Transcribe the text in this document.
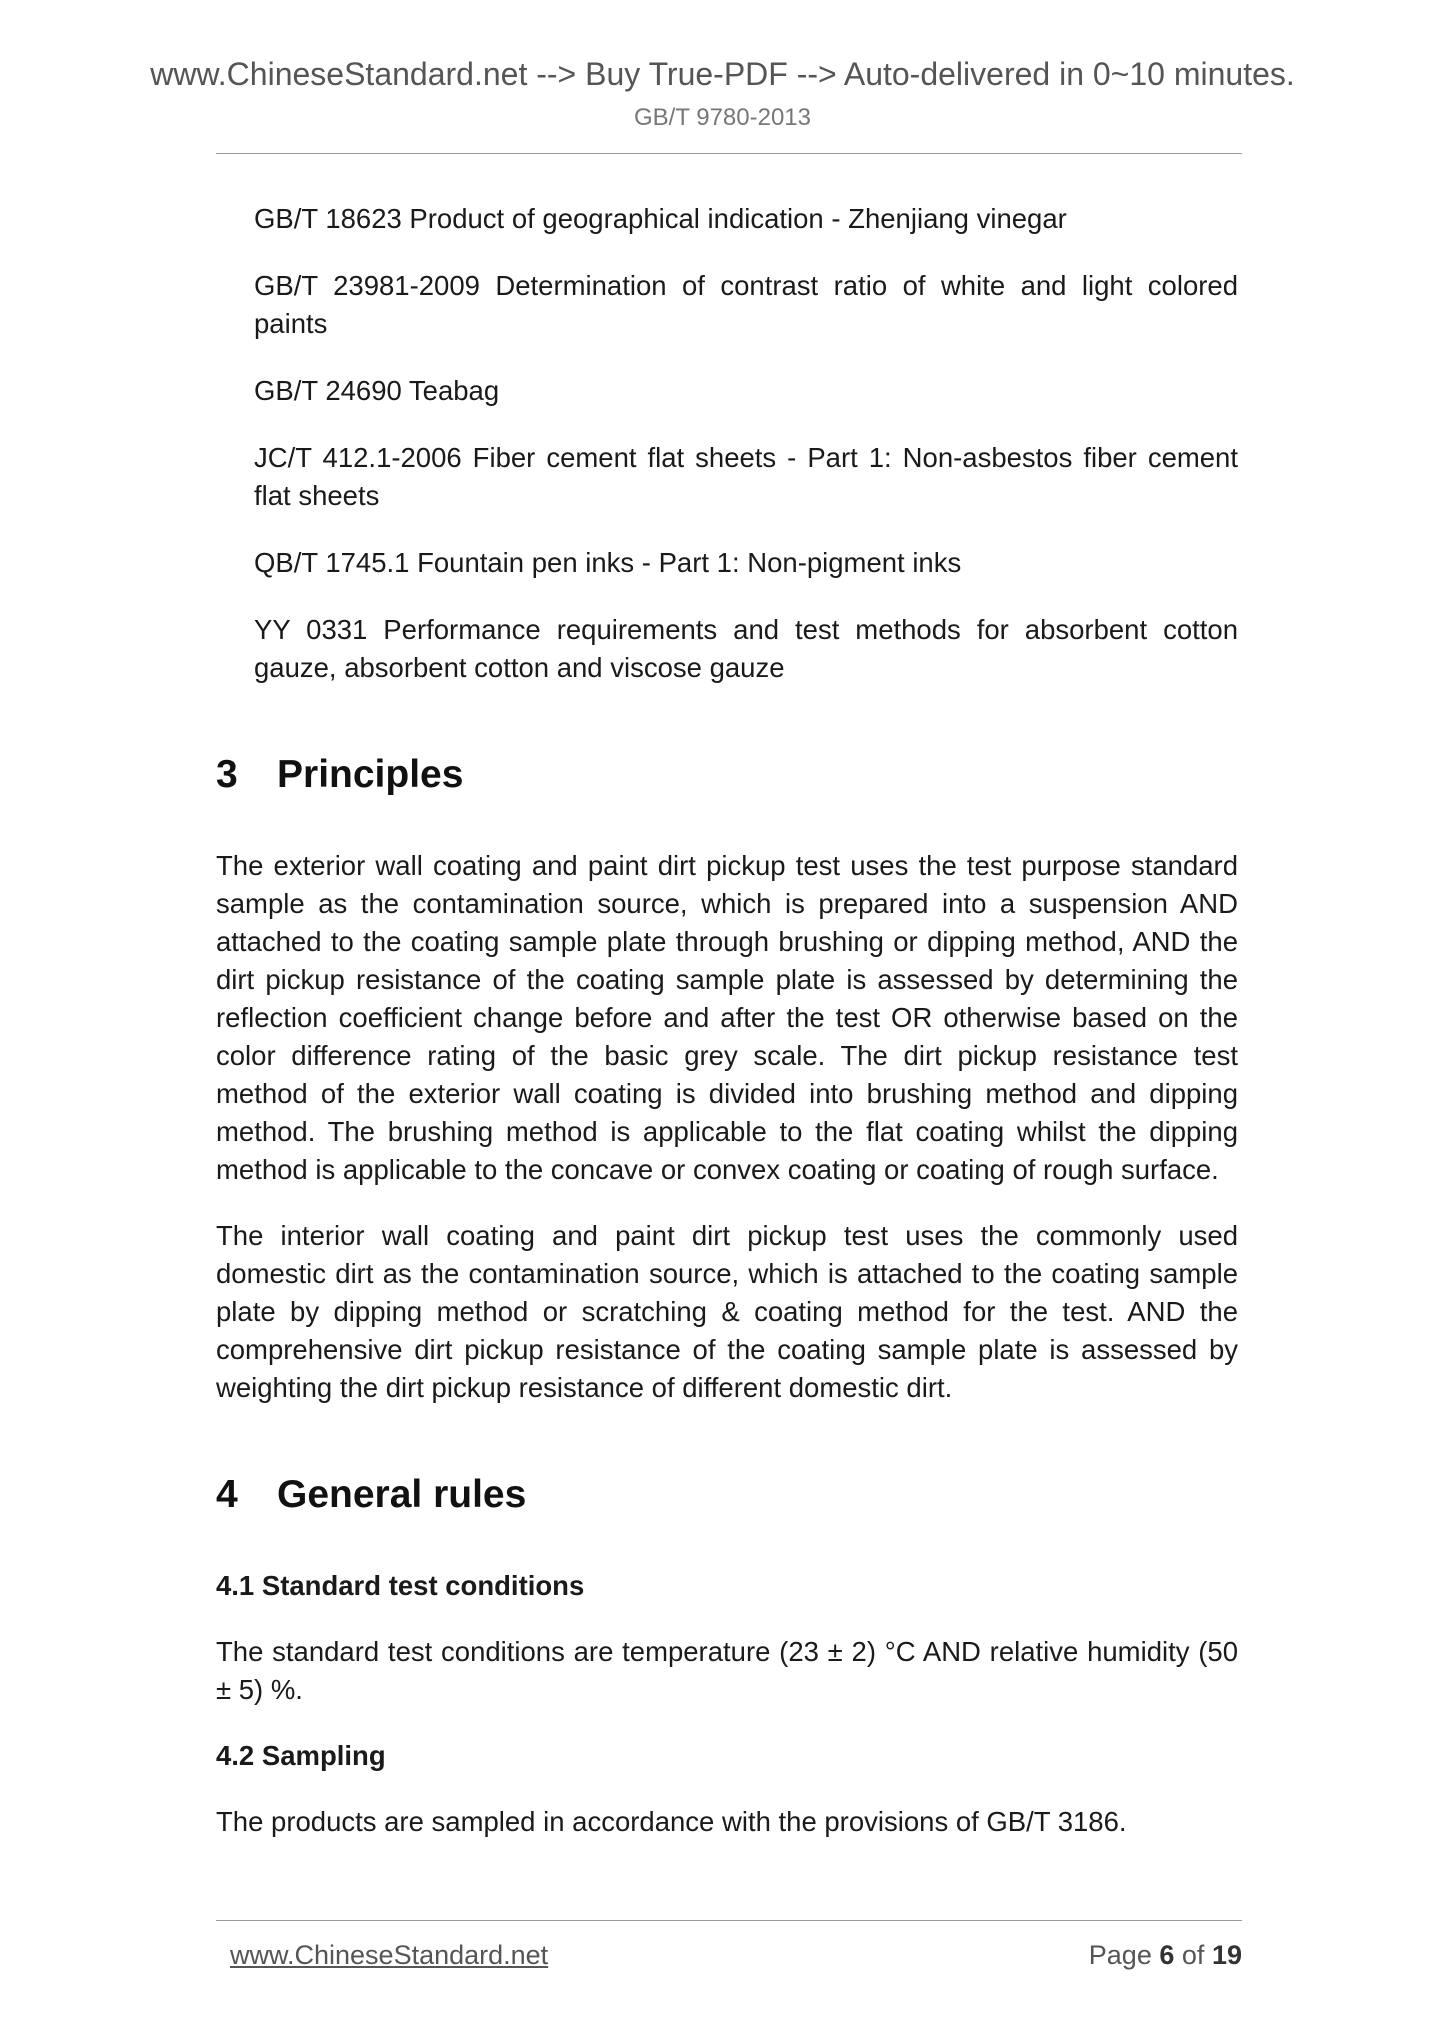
www.ChineseStandard.net --> Buy True-PDF --> Auto-delivered in 0~10 minutes.
GB/T 9780-2013

GB/T 18623 Product of geographical indication - Zhenjiang vinegar

GB/T 23981-2009 Determination of contrast ratio of white and light colored paints

GB/T 24690 Teabag

JC/T 412.1-2006 Fiber cement flat sheets - Part 1: Non-asbestos fiber cement flat sheets

QB/T 1745.1 Fountain pen inks - Part 1: Non-pigment inks

YY 0331 Performance requirements and test methods for absorbent cotton gauze, absorbent cotton and viscose gauze

3 Principles

The exterior wall coating and paint dirt pickup test uses the test purpose standard sample as the contamination source, which is prepared into a suspension AND attached to the coating sample plate through brushing or dipping method, AND the dirt pickup resistance of the coating sample plate is assessed by determining the reflection coefficient change before and after the test OR otherwise based on the color difference rating of the basic grey scale. The dirt pickup resistance test method of the exterior wall coating is divided into brushing method and dipping method. The brushing method is applicable to the flat coating whilst the dipping method is applicable to the concave or convex coating or coating of rough surface.

The interior wall coating and paint dirt pickup test uses the commonly used domestic dirt as the contamination source, which is attached to the coating sample plate by dipping method or scratching & coating method for the test. AND the comprehensive dirt pickup resistance of the coating sample plate is assessed by weighting the dirt pickup resistance of different domestic dirt.

4 General rules
4.1 Standard test conditions

The standard test conditions are temperature (23 ± 2) °C AND relative humidity (50 ± 5) %.

4.2 Sampling

The products are sampled in accordance with the provisions of GB/T 3186.

www.ChineseStandard.net	Page 6 of 19
